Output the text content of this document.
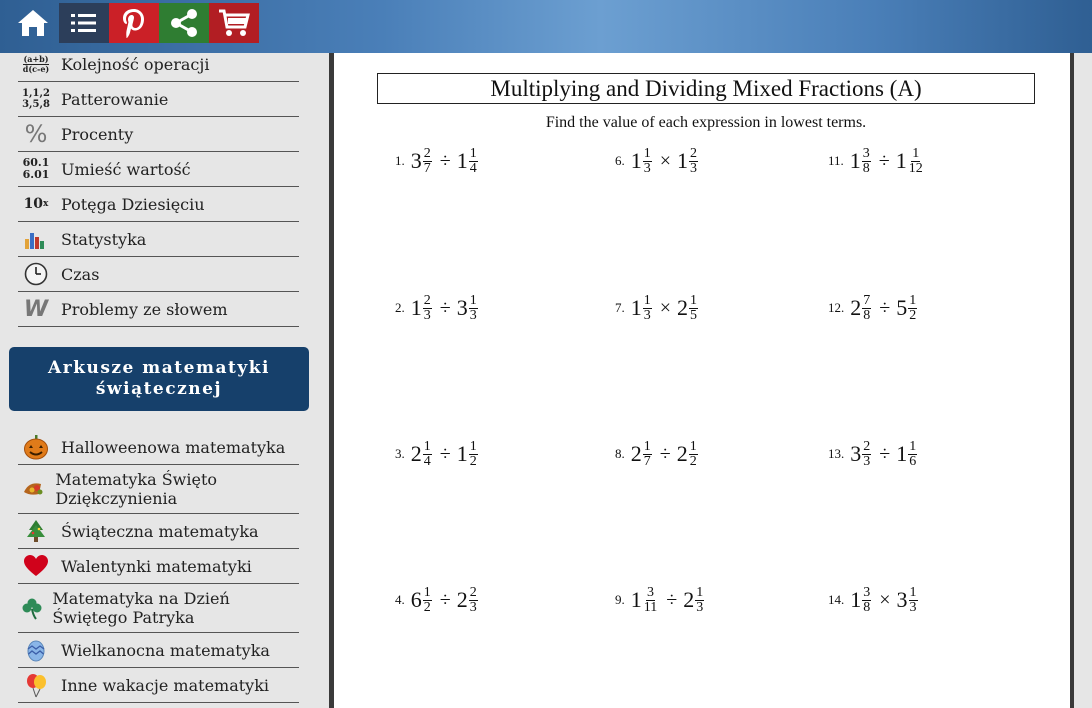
(a+b)
d(c-e) Kolejność operacji
1,1,2
3,5,8 Patterowanie
% Procenty
60.1
6.01 Umieść wartość
10 x Potęga Dziesięciu
Statystyka
Czas
W Problemy ze słowem
Arkusze matematyki świątecznej
Halloweenowa matematyka
Matematyka Święto Dziękczynienia
Świąteczna matematyka
Walentynki matematyki
Matematyka na Dzień Świętego Patryka
Wielkanocna matematyka
Inne wakacje matematyki
Multiplying and Dividing Mixed Fractions (A)
Find the value of each expression in lowest terms.
1. $3 \frac{2}{7} \div 1 \frac{1}{4}$
2. $1 \frac{2}{3} \div 3 \frac{1}{3}$
3. $2 \frac{1}{4} \div 1 \frac{1}{2}$
4. $6 \frac{1}{2} \div 2 \frac{2}{3}$
6. $1 \frac{1}{3} \times 1 \frac{2}{3}$
7. $1 \frac{1}{3} \times 2 \frac{1}{5}$
8. $2 \frac{1}{7} \div 2 \frac{1}{2}$
9. $1 \frac{3}{11} \div 2 \frac{1}{3}$
11. $1 \frac{3}{8} \div 1 \frac{1}{12}$
12. $2 \frac{7}{8} \div 5 \frac{1}{2}$
13. $3 \frac{2}{3} \div 1 \frac{1}{6}$
14. $1 \frac{3}{8} \times 3 \frac{1}{3}$
